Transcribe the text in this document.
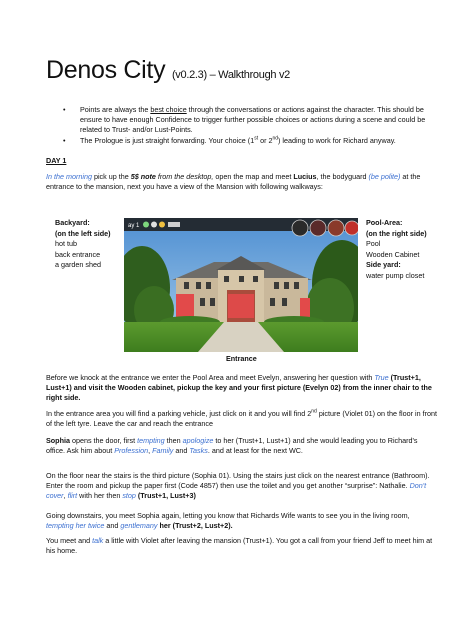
Denos City (v0.2.3) – Walkthrough v2
• Points are always the best choice through the conversations or actions against the character. This should be ensure to have enough Confidence to trigger further possible choices or actions during a scene and could be related to Trust- and/or Lust-Points.
• The Prologue is just straight forwarding. Your choice (1st or 2nd) leading to work for Richard anyway.
DAY 1
In the morning pick up the 5$ note from the desktop, open the map and meet Lucius, the bodyguard (be polite) at the entrance to the mansion, next you have a view of the Mansion with following walkways:
Backyard:
(on the left side)
hot tub
back entrance
a garden shed
Pool-Area:
(on the right side)
Pool
Wooden Cabinet
Side yard:
water pump closet
ay 1
Entrance
Before we knock at the entrance we enter the Pool Area and meet Evelyn, answering her question with True (Trust+1, Lust+1) and visit the Wooden cabinet, pickup the key and your first picture (Evelyn 02) from the inner chair to the right side.
In the entrance area you will find a parking vehicle, just click on it and you will find 2nd picture (Violet 01) on the floor in front of the left tyre. Leave the car and reach the entrance
Sophia opens the door, first tempting then apologize to her (Trust+1, Lust+1) and she would leading you to Richard's office. Ask him about Profession, Family and Tasks. and at least for the next WC.
On the floor near the stairs is the third picture (Sophia 01). Using the stairs just click on the nearest entrance (Bathroom). Enter the room and pickup the paper first (Code 4857) then use the toilet and you get another “surprise”: Nathalie. Don't cover, flirt with her then stop (Trust+1, Lust+3)
Going downstairs, you meet Sophia again, letting you know that Richards Wife wants to see you in the living room, tempting her twice and gentlemany her (Trust+2, Lust+2).
You meet and talk a little with Violet after leaving the mansion (Trust+1). You got a call from your friend Jeff to meet him at his home.
